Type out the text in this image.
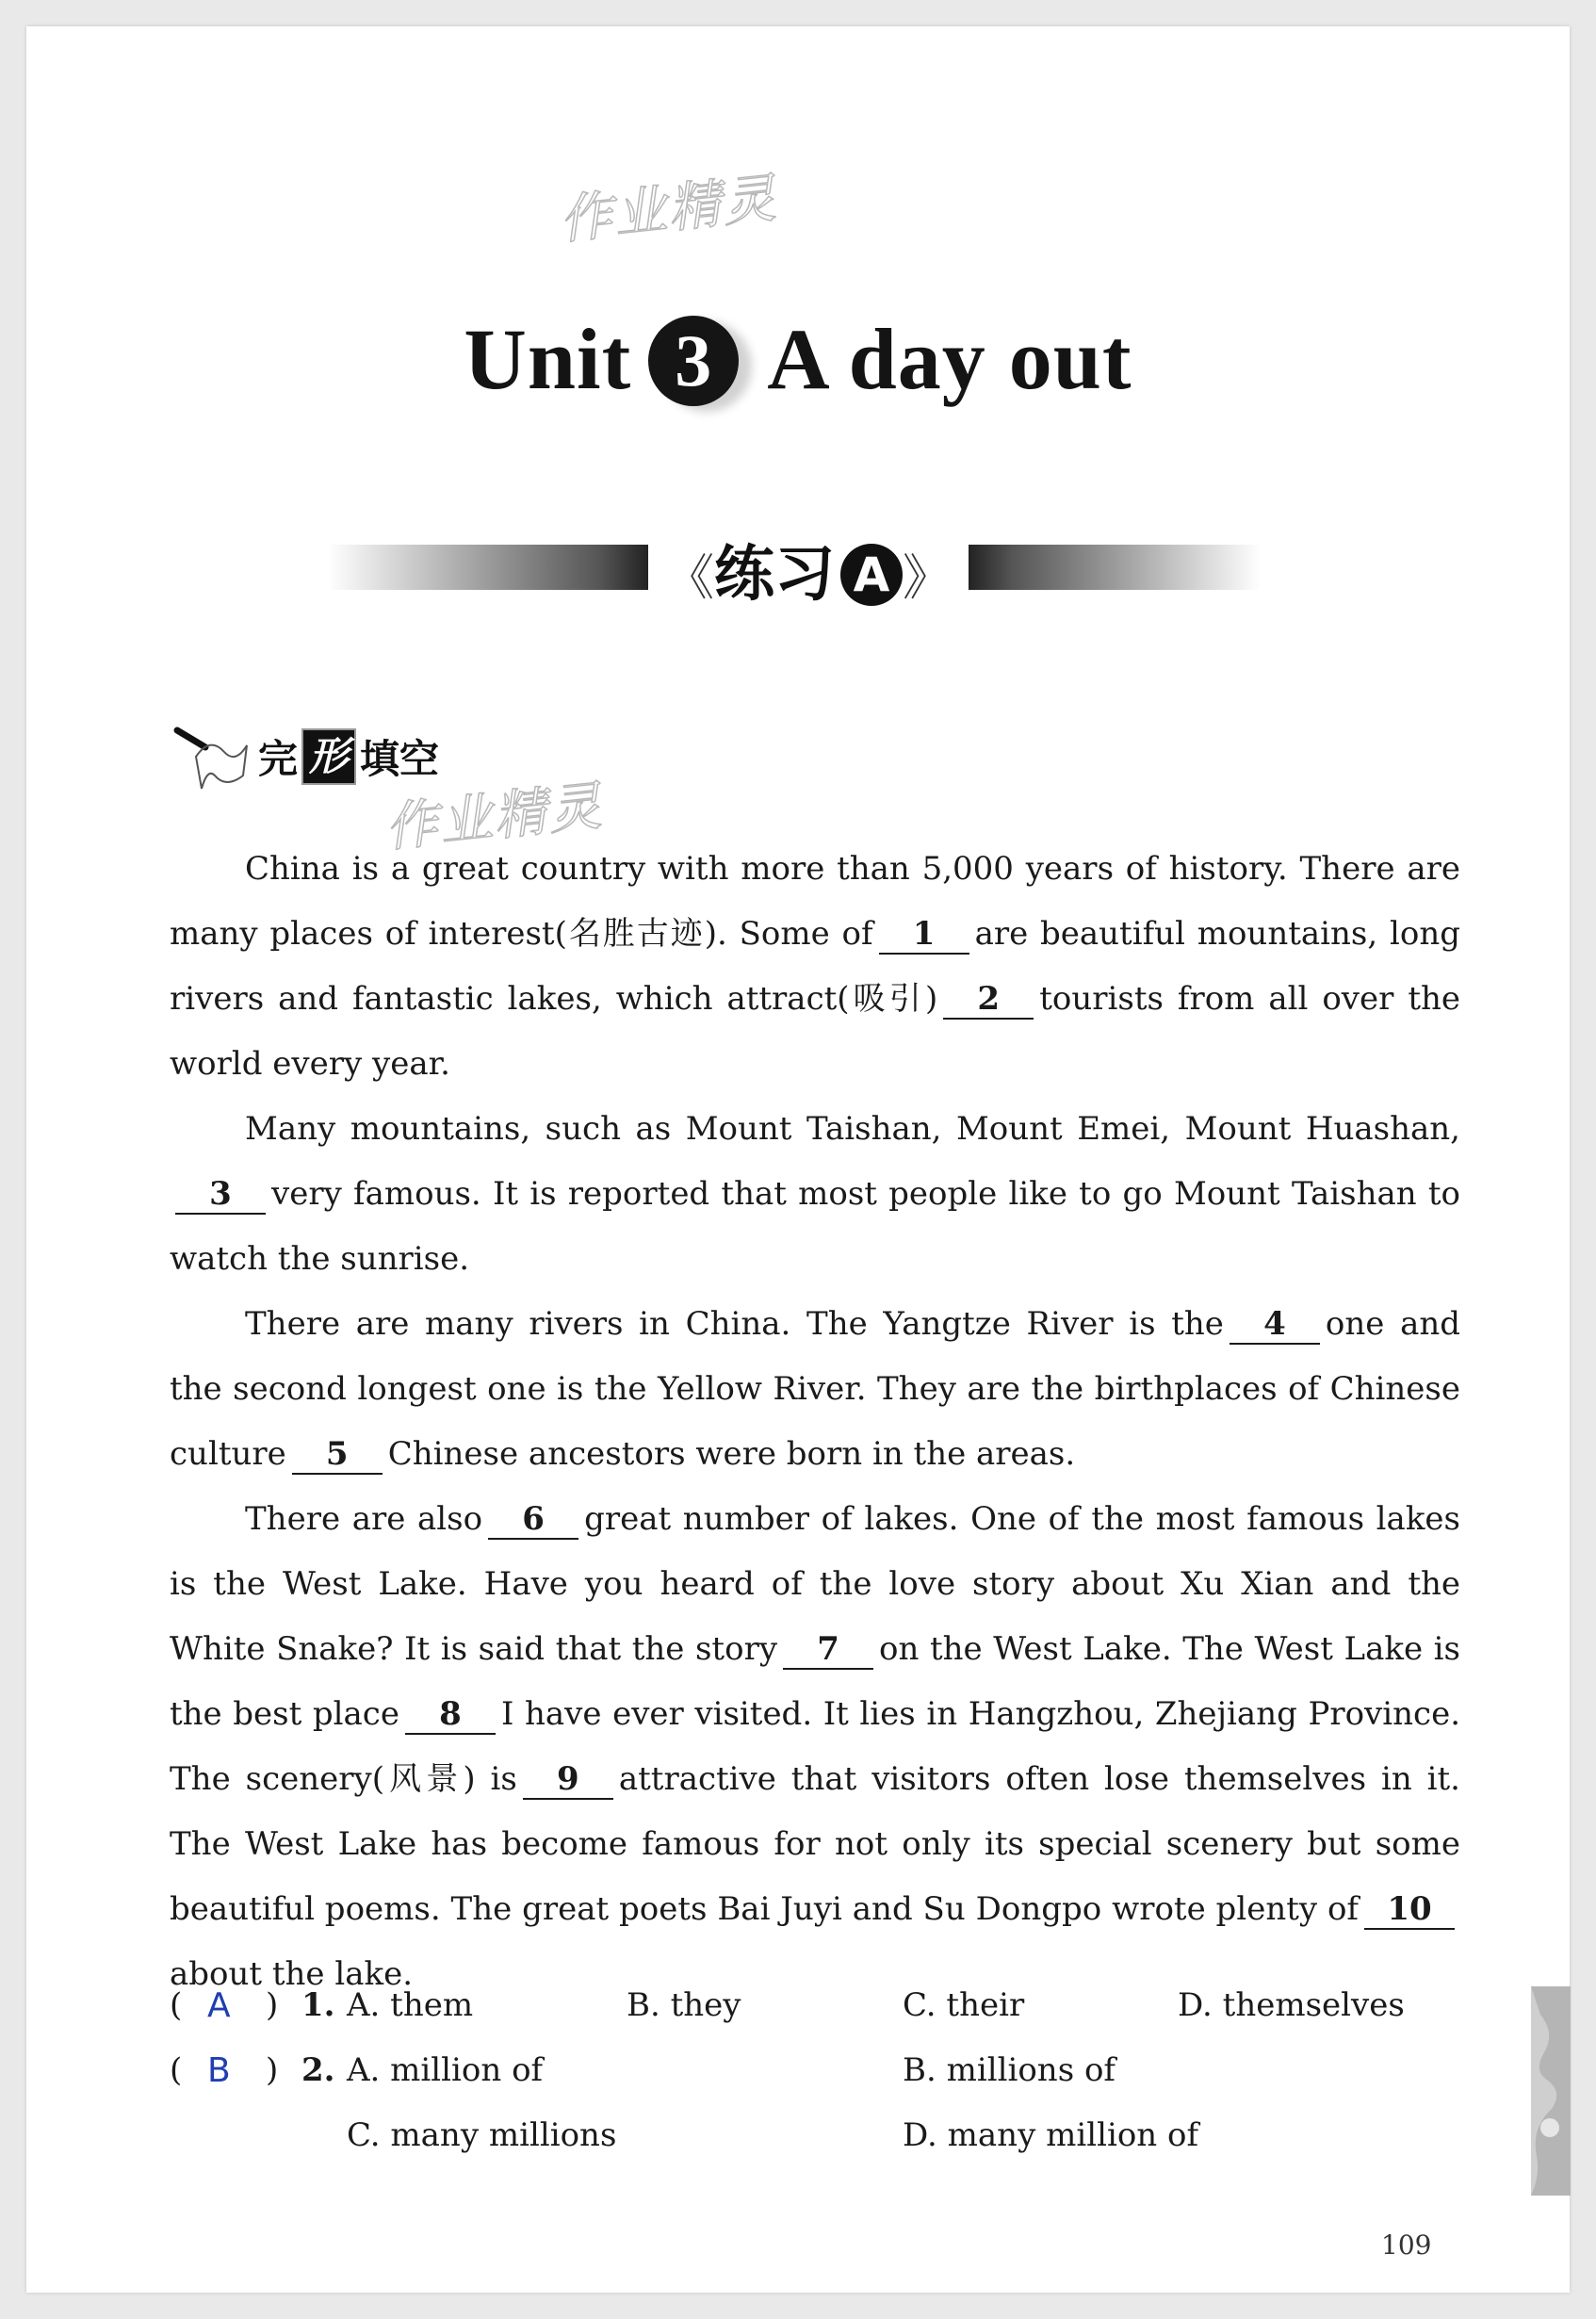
作业精灵
作业精灵
Unit 3 A day out
《练习 A 》
完 形 填空

China is a great country with more than 5,000 years of history. There are many places of interest(名胜古迹). Some of 1 are beautiful mountains, long rivers and fantastic lakes, which attract(吸引) 2 tourists from all over the world every year.

Many mountains, such as Mount Taishan, Mount Emei, Mount Huashan,3 very famous. It is reported that most people like to go Mount Taishan to watch the sunrise.

There are many rivers in China. The Yangtze River is the 4 one and the second longest one is the Yellow River. They are the birthplaces of Chinese culture 5 Chinese ancestors were born in the areas.

There are also 6 great number of lakes. One of the most famous lakes is the West Lake. Have you heard of the love story about Xu Xian and the White Snake? It is said that the story 7 on the West Lake. The West Lake is the best place 8 I have ever visited. It lies in Hangzhou, Zhejiang Province. The scenery(风景) is 9 attractive that visitors often lose themselves in it. The West Lake has become famous for not only its special scenery but some beautiful poems. The great poets Bai Juyi and Su Dongpo wrote plenty of 10about the lake.

( A ) 1. A. them	B. they	C. their	D. themselves
( B ) 2. A. million of	B. millions of
C. many millions	D. many million of
109
